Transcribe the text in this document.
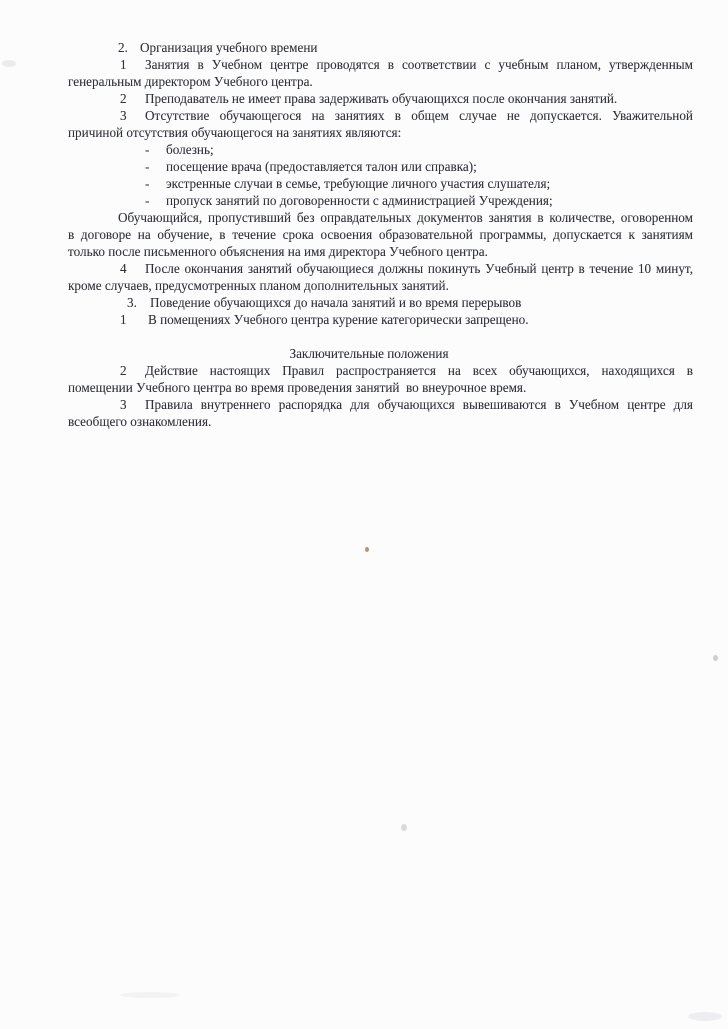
2. Организация учебного времени
1 Занятия в Учебном центре проводятся в соответствии с учебным планом, утвержденным
генеральным директором Учебного центра.
2 Преподаватель не имеет права задерживать обучающихся после окончания занятий.
3 Отсутствие обучающегося на занятиях в общем случае не допускается. Уважительной
причиной отсутствия обучающегося на занятиях являются:
- болезнь;
- посещение врача (предоставляется талон или справка);
- экстренные случаи в семье, требующие личного участия слушателя;
- пропуск занятий по договоренности с администрацией Учреждения;
Обучающийся, пропустивший без оправдательных документов занятия в количестве, оговоренном
в договоре на обучение, в течение срока освоения образовательной программы, допускается к занятиям
только после письменного объяснения на имя директора Учебного центра.
4 После окончания занятий обучающиеся должны покинуть Учебный центр в течение 10 минут,
кроме случаев, предусмотренных планом дополнительных занятий.
3. Поведение обучающихся до начала занятий и во время перерывов
1 В помещениях Учебного центра курение категорически запрещено.
Заключительные положения
2 Действие настоящих Правил распространяется на всех обучающихся, находящихся в
помещении Учебного центра во время проведения занятий  во внеурочное время.
3 Правила внутреннего распорядка для обучающихся вывешиваются в Учебном центре для
всеобщего ознакомления.
